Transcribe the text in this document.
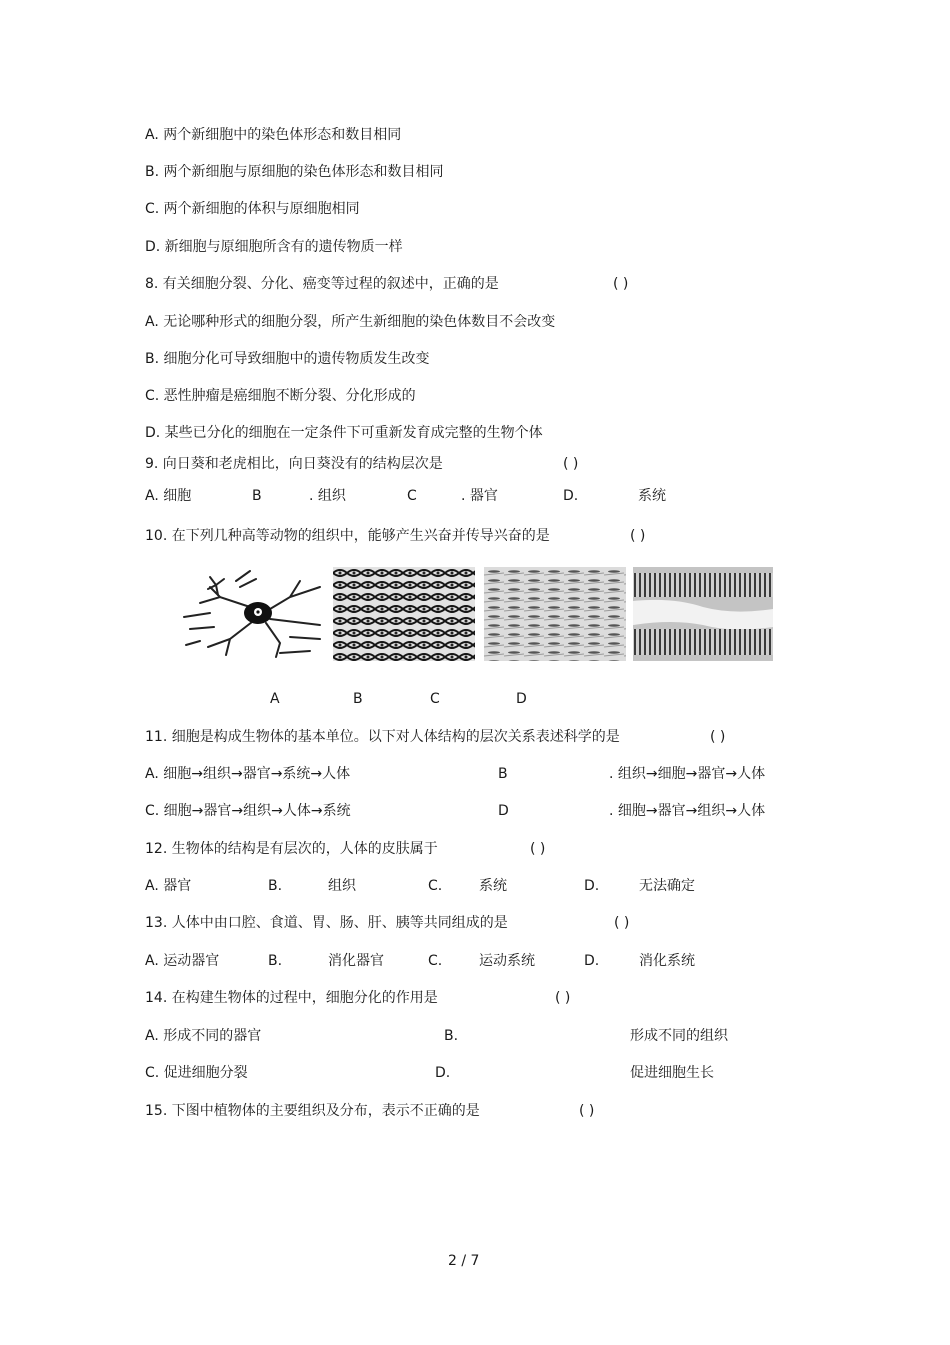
A. 两个新细胞中的染色体形态和数目相同
B. 两个新细胞与原细胞的染色体形态和数目相同
C. 两个新细胞的体积与原细胞相同
D. 新细胞与原细胞所含有的遗传物质一样
8. 有关细胞分裂、分化、癌变等过程的叙述中，正确的是	( )
A. 无论哪种形式的细胞分裂，所产生新细胞的染色体数目不会改变
B. 细胞分化可导致细胞中的遗传物质发生改变
C. 恶性肿瘤是癌细胞不断分裂、分化形成的
D. 某些已分化的细胞在一定条件下可重新发育成完整的生物个体
9. 向日葵和老虎相比，向日葵没有的结构层次是	( )
A. 细胞	B	. 组织	C	. 器官	D.	系统
10. 在下列几种高等动物的组织中，能够产生兴奋并传导兴奋的是	( )
A	B	C	D
11. 细胞是构成生物体的基本单位。以下对人体结构的层次关系表述科学的是	( )
A. 细胞→组织→器官→系统→人体	B	. 组织→细胞→器官→人体
C. 细胞→器官→组织→人体→系统	D	. 细胞→器官→组织→人体
12. 生物体的结构是有层次的，人体的皮肤属于	( )
A. 器官	B.	组织	C.	系统	D.	无法确定
13. 人体中由口腔、食道、胃、肠、肝、胰等共同组成的是	( )
A. 运动器官	B.	消化器官	C.	运动系统	D.	消化系统
14. 在构建生物体的过程中，细胞分化的作用是	( )
A. 形成不同的器官	B.	形成不同的组织
C. 促进细胞分裂	D.	促进细胞生长
15. 下图中植物体的主要组织及分布，表示不正确的是	( )
2 / 7
